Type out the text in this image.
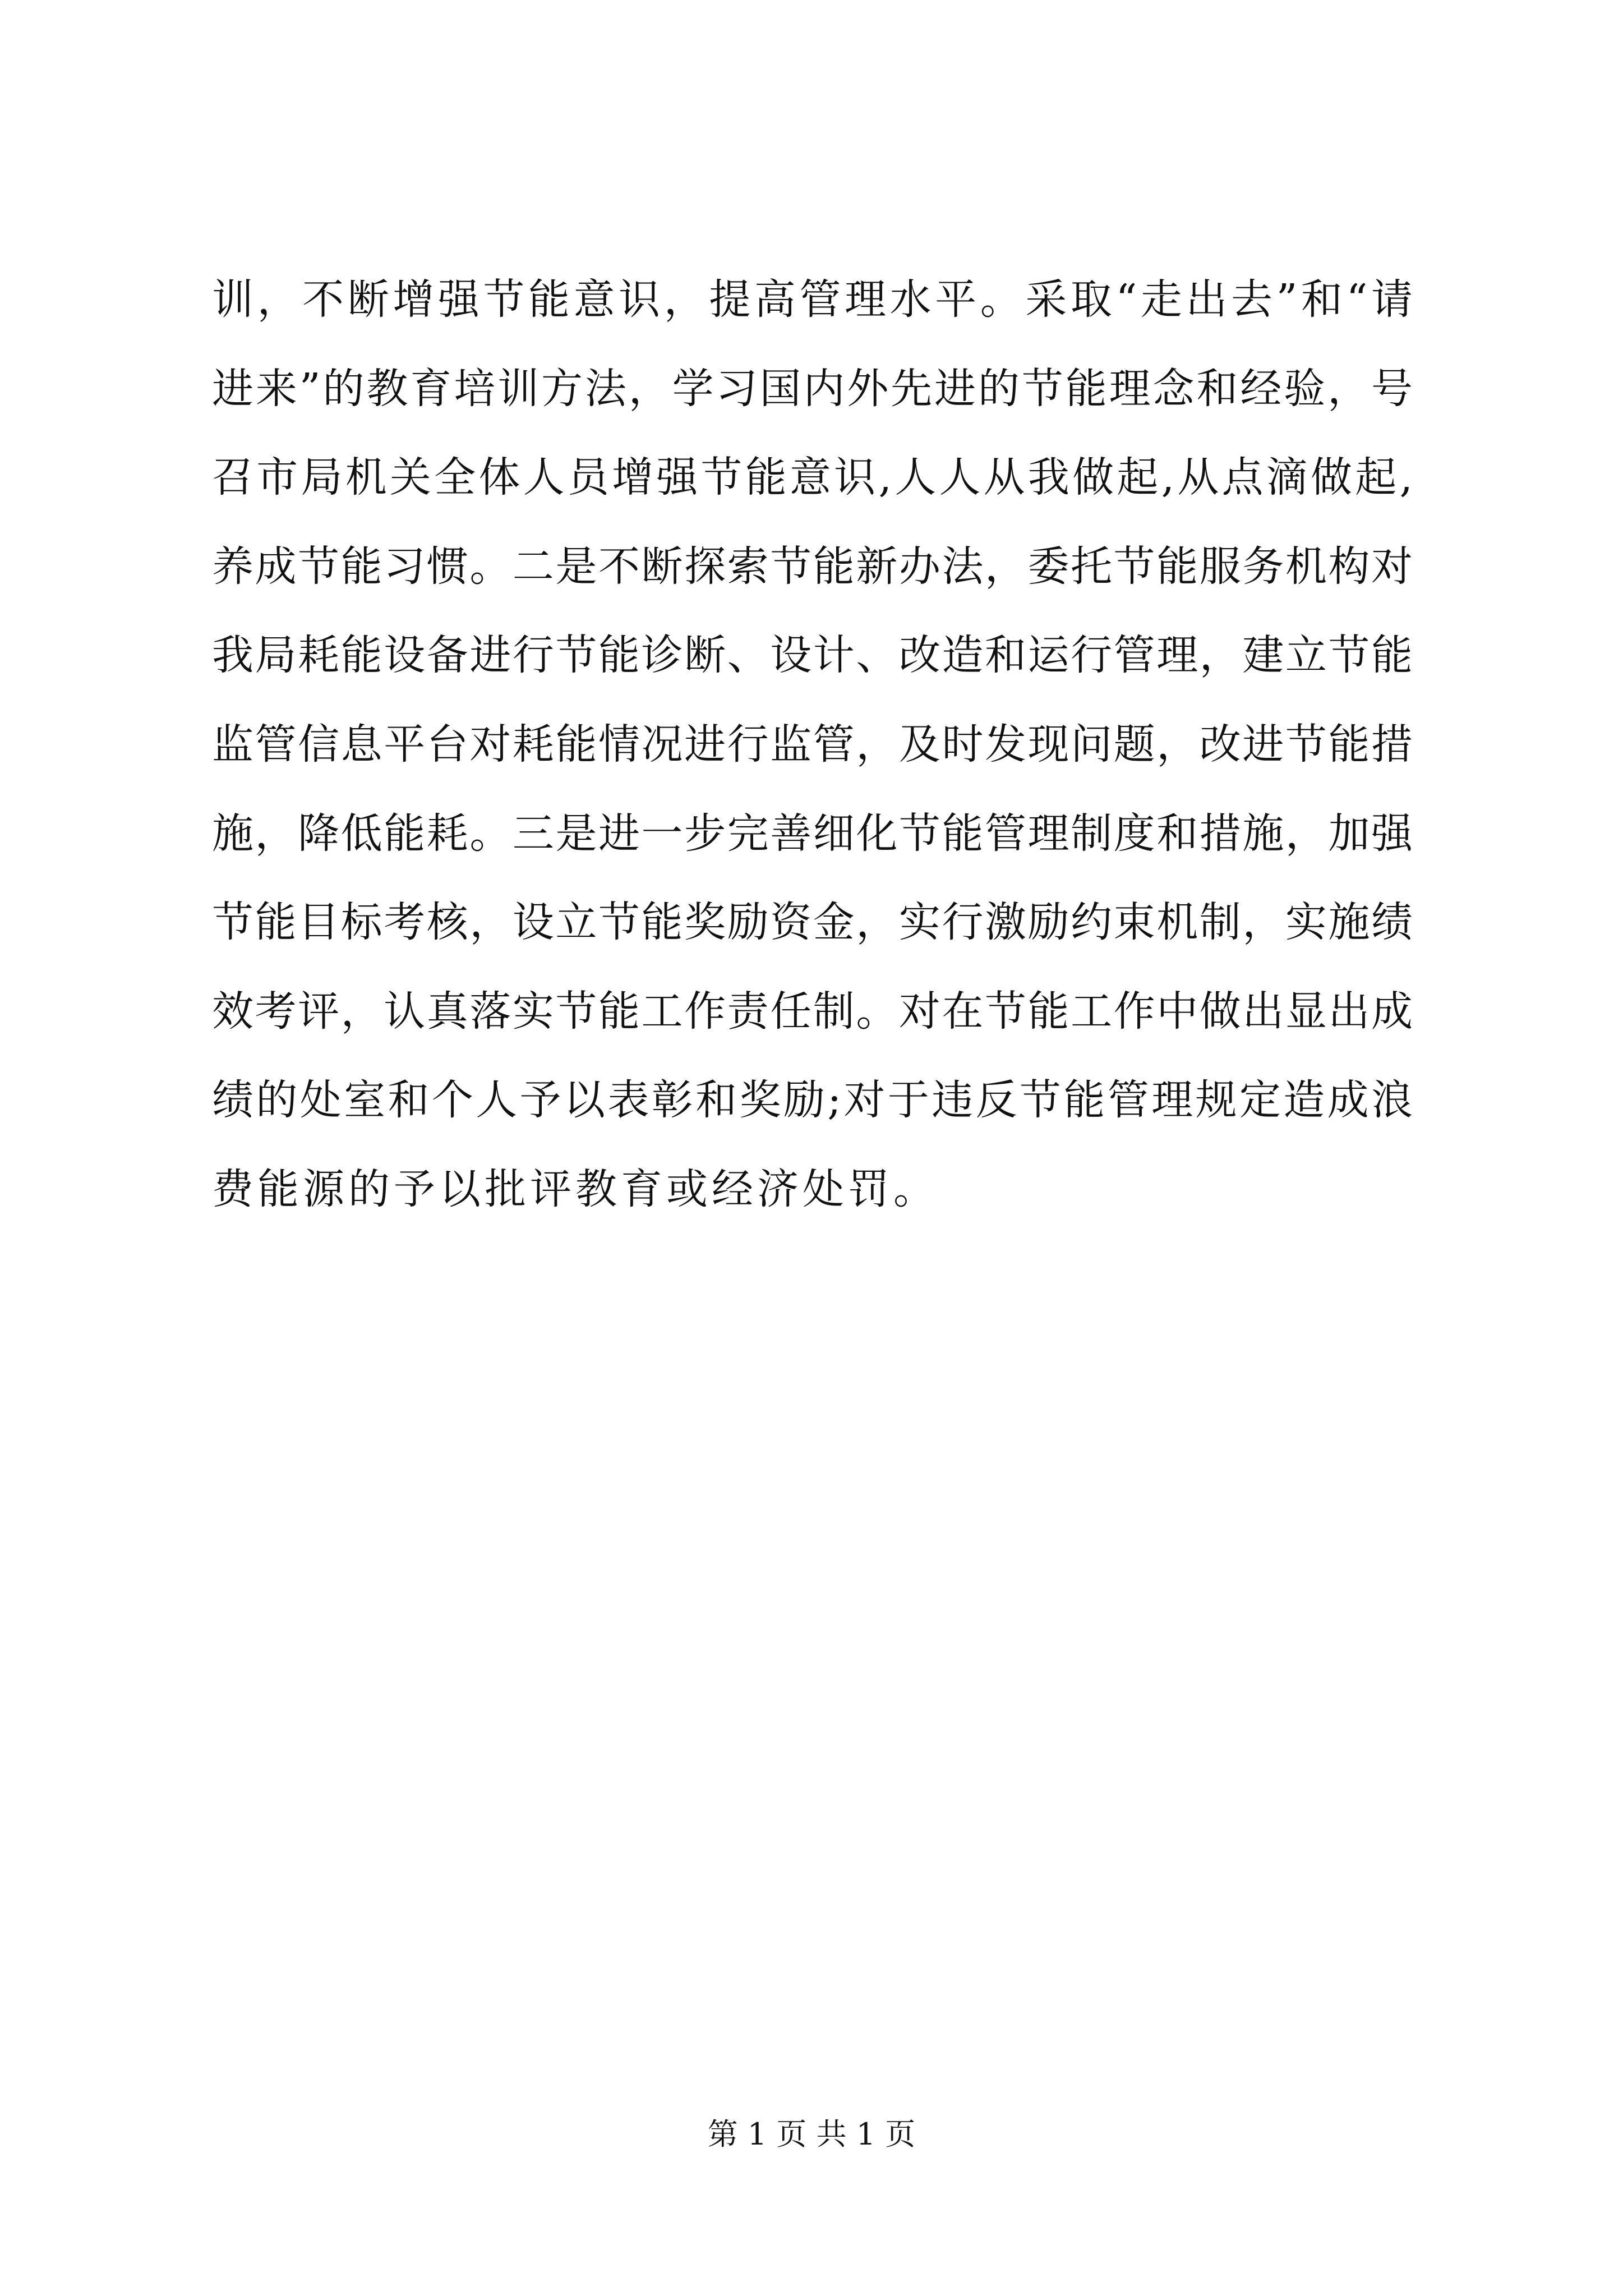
训，不断增强节能意识，提高管理水平。采取“走出去”和“请
进来”的教育培训方法，学习国内外先进的节能理念和经验，号
召市局机关全体人员增强节能意识,人人从我做起,从点滴做起,
养成节能习惯。二是不断探索节能新办法，委托节能服务机构对
我局耗能设备进行节能诊断、设计、改造和运行管理，建立节能
监管信息平台对耗能情况进行监管，及时发现问题，改进节能措
施，降低能耗。三是进一步完善细化节能管理制度和措施，加强
节能目标考核，设立节能奖励资金，实行激励约束机制，实施绩
效考评，认真落实节能工作责任制。对在节能工作中做出显出成
绩的处室和个人予以表彰和奖励;对于违反节能管理规定造成浪
费能源的予以批评教育或经济处罚。
第 1 页 共 1 页
